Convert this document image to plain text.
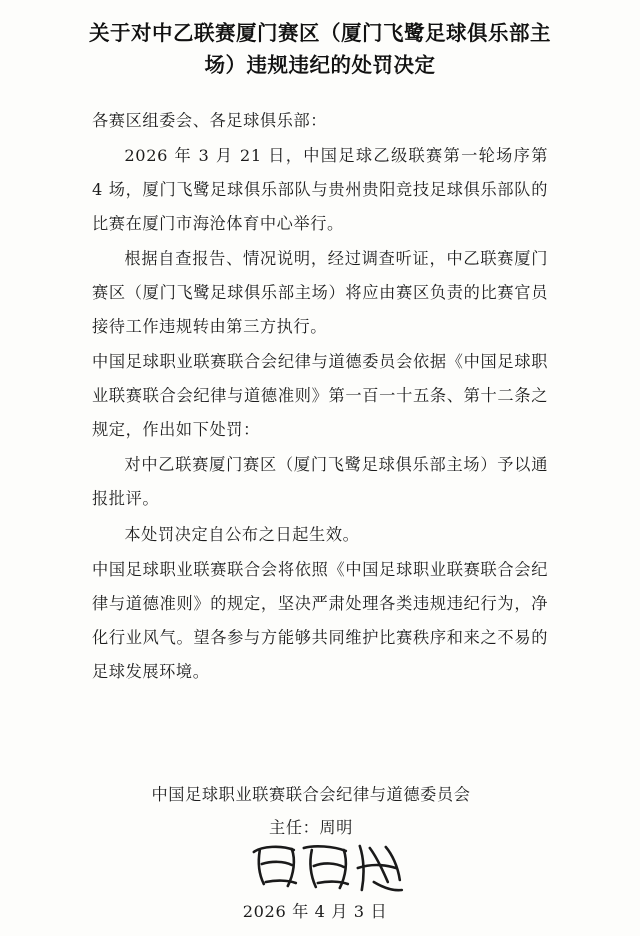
关于对中乙联赛厦门赛区（厦门飞鹭足球俱乐部主场）违规违纪的处罚决定

各赛区组委会、各足球俱乐部：

2026 年 3 月 21 日，中国足球乙级联赛第一轮场序第 4 场，厦门飞鹭足球俱乐部队与贵州贵阳竞技足球俱乐部队的比赛在厦门市海沧体育中心举行。

根据自查报告、情况说明，经过调查听证，中乙联赛厦门赛区（厦门飞鹭足球俱乐部主场）将应由赛区负责的比赛官员接待工作违规转由第三方执行。

中国足球职业联赛联合会纪律与道德委员会依据《中国足球职业联赛联合会纪律与道德准则》第一百一十五条、第十二条之规定，作出如下处罚：

对中乙联赛厦门赛区（厦门飞鹭足球俱乐部主场）予以通报批评。

本处罚决定自公布之日起生效。

中国足球职业联赛联合会将依照《中国足球职业联赛联合会纪律与道德准则》的规定，坚决严肃处理各类违规违纪行为，净化行业风气。望各参与方能够共同维护比赛秩序和来之不易的足球发展环境。

中国足球职业联赛联合会纪律与道德委员会
主任：周明
2026 年 4 月 3 日
